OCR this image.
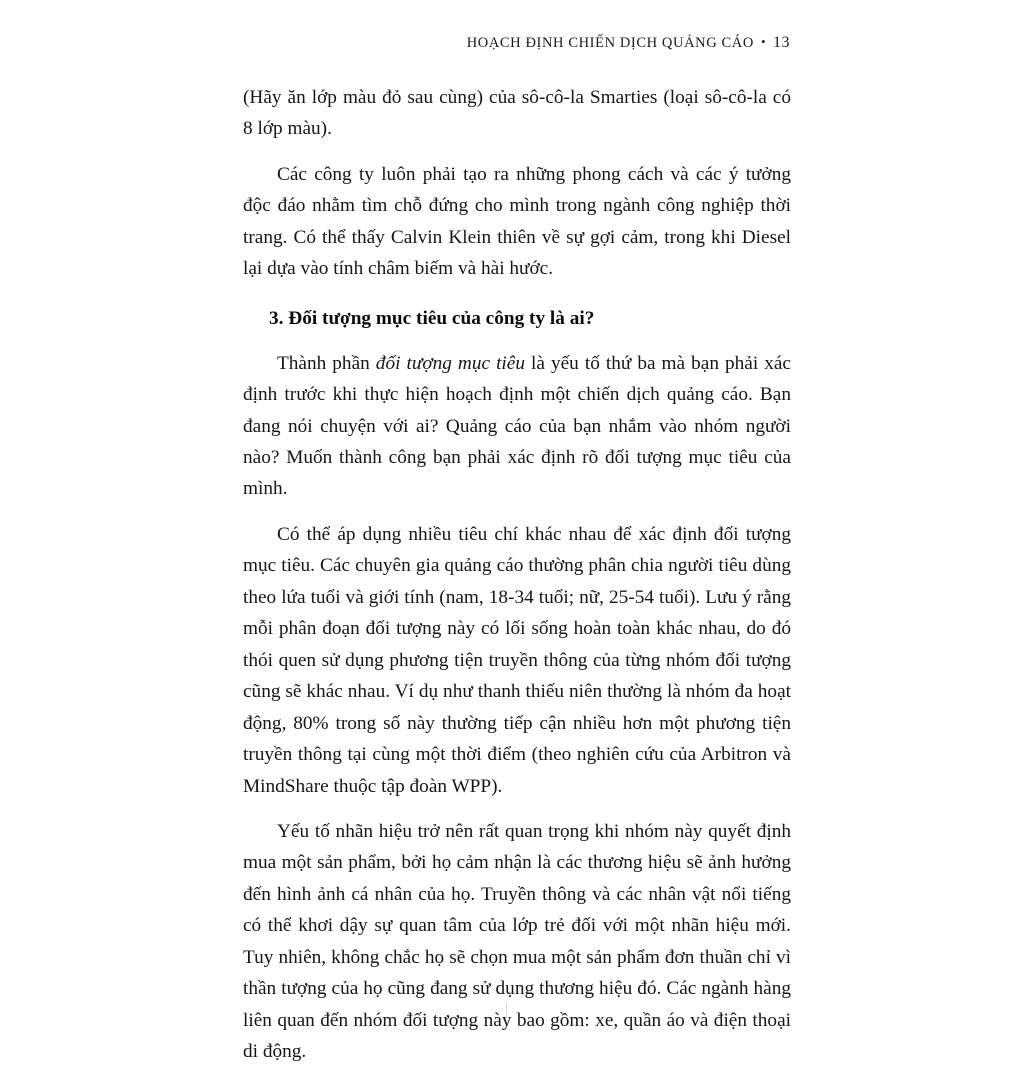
HOẠCH ĐỊNH CHIẾN DỊCH QUẢNG CÁO • 13

(Hãy ăn lớp màu đỏ sau cùng) của sô-cô-la Smarties (loại sô-cô-la có 8 lớp màu).

Các công ty luôn phải tạo ra những phong cách và các ý tưởng độc đáo nhằm tìm chỗ đứng cho mình trong ngành công nghiệp thời trang. Có thể thấy Calvin Klein thiên về sự gợi cảm, trong khi Diesel lại dựa vào tính châm biếm và hài hước.

3. Đối tượng mục tiêu của công ty là ai?

Thành phần đối tượng mục tiêu là yếu tố thứ ba mà bạn phải xác định trước khi thực hiện hoạch định một chiến dịch quảng cáo. Bạn đang nói chuyện với ai? Quảng cáo của bạn nhắm vào nhóm người nào? Muốn thành công bạn phải xác định rõ đối tượng mục tiêu của mình.

Có thể áp dụng nhiều tiêu chí khác nhau để xác định đối tượng mục tiêu. Các chuyên gia quảng cáo thường phân chia người tiêu dùng theo lứa tuổi và giới tính (nam, 18-34 tuổi; nữ, 25-54 tuổi). Lưu ý rằng mỗi phân đoạn đối tượng này có lối sống hoàn toàn khác nhau, do đó thói quen sử dụng phương tiện truyền thông của từng nhóm đối tượng cũng sẽ khác nhau. Ví dụ như thanh thiếu niên thường là nhóm đa hoạt động, 80% trong số này thường tiếp cận nhiều hơn một phương tiện truyền thông tại cùng một thời điểm (theo nghiên cứu của Arbitron và MindShare thuộc tập đoàn WPP).

Yếu tố nhãn hiệu trở nên rất quan trọng khi nhóm này quyết định mua một sản phẩm, bởi họ cảm nhận là các thương hiệu sẽ ảnh hưởng đến hình ảnh cá nhân của họ. Truyền thông và các nhân vật nổi tiếng có thể khơi dậy sự quan tâm của lớp trẻ đối với một nhãn hiệu mới. Tuy nhiên, không chắc họ sẽ chọn mua một sản phẩm đơn thuần chỉ vì thần tượng của họ cũng đang sử dụng thương hiệu đó. Các ngành hàng liên quan đến nhóm đối tượng này bao gồm: xe, quần áo và điện thoại di động.
